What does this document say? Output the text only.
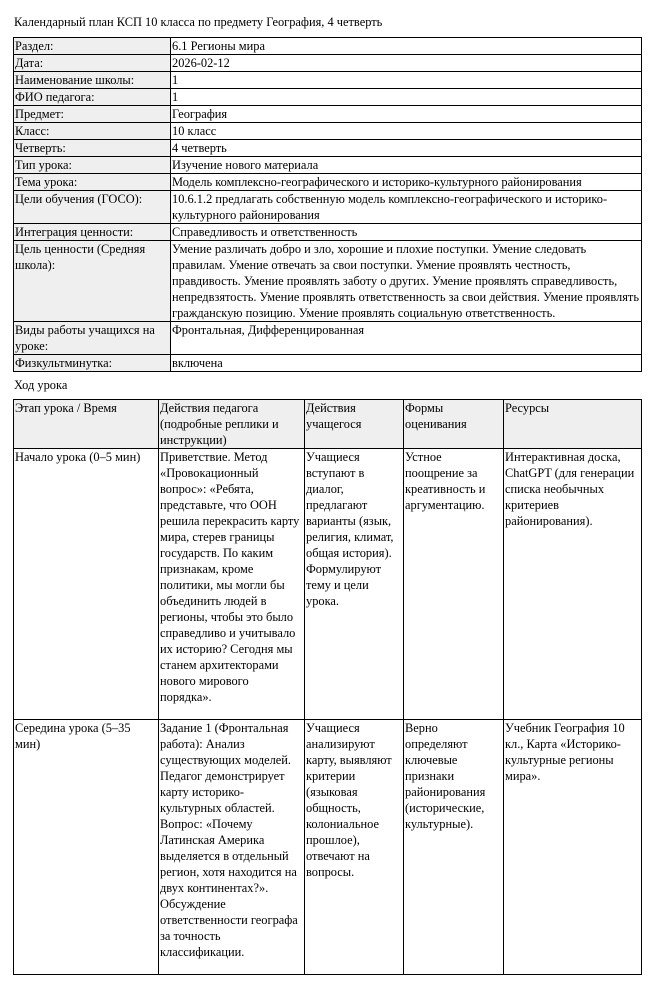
Календарный план КСП 10 класса по предмету География, 4 четверть
Раздел:	6.1 Регионы мира
Дата:	2026-02-12
Наименование школы:	1
ФИО педагога:	1
Предмет:	География
Класс:	10 класс
Четверть:	4 четверть
Тип урока:	Изучение нового материала
Тема урока:	Модель комплексно-географического и историко-культурного районирования
Цели обучения (ГОСО):	10.6.1.2 предлагать собственную модель комплексно-географического и историко-культурного районирования
Интеграция ценности:	Справедливость и ответственность
Цель ценности (Средняя школа):	Умение различать добро и зло, хорошие и плохие поступки. Умение следовать правилам. Умение отвечать за свои поступки. Умение проявлять честность, правдивость. Умение проявлять заботу о других. Умение проявлять справедливость, непредвзятость. Умение проявлять ответственность за свои действия. Умение проявлять гражданскую позицию. Умение проявлять социальную ответственность.
Виды работы учащихся на уроке:	Фронтальная, Дифференцированная
Физкультминутка:	включена
Ход урока
Этап урока / Время	Действия педагога (подробные реплики и инструкции)	Действия учащегося	Формы оценивания	Ресурсы
Начало урока (0–5 мин)	Приветствие. Метод «Провокационный вопрос»: «Ребята, представьте, что ООН решила перекрасить карту мира, стерев границы государств. По каким признакам, кроме политики, мы могли бы объединить людей в регионы, чтобы это было справедливо и учитывало их историю? Сегодня мы станем архитекторами нового мирового порядка».	Учащиеся вступают в диалог, предлагают варианты (язык, религия, климат, общая история). Формулируют тему и цели урока.	Устное поощрение за креативность и аргументацию.	Интерактивная доска, ChatGPT (для генерации списка необычных критериев районирования).
Середина урока (5–35 мин)	Задание 1 (Фронтальная работа): Анализ существующих моделей. Педагог демонстрирует карту историко-культурных областей. Вопрос: «Почему Латинская Америка выделяется в отдельный регион, хотя находится на двух континентах?». Обсуждение ответственности географа за точность классификации.	Учащиеся анализируют карту, выявляют критерии (языковая общность, колониальное прошлое), отвечают на вопросы.	Верно определяют ключевые признаки районирования (исторические, культурные).	Учебник География 10 кл., Карта «Историко-культурные регионы мира».
